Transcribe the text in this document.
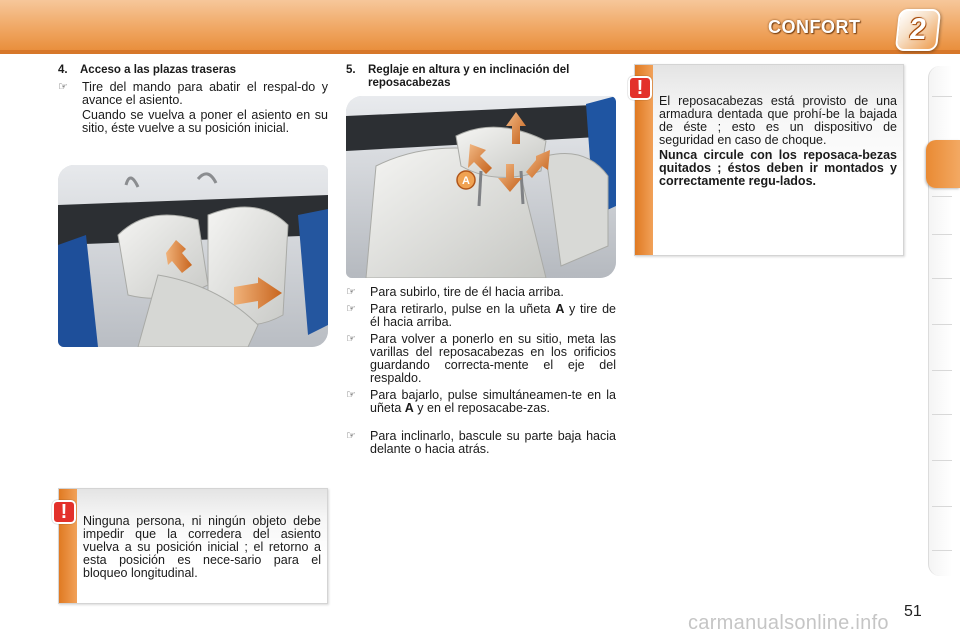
CONFORT	2
4. Acceso a las plazas traseras
☞ Tire del mando para abatir el respal-do y avance el asiento.
Cuando se vuelva a poner el asiento en su sitio, éste vuelve a su posición inicial.
5.	Reglaje en altura y en inclinación del reposacabezas
A
☞ Para subirlo, tire de él hacia arriba.
☞ Para retirarlo, pulse en la uñeta A y tire de él hacia arriba.
☞ Para volver a ponerlo en su sitio, meta las varillas del reposacabezas en los orificios guardando correcta-mente el eje del respaldo.
☞ Para bajarlo, pulse simultáneamen-te en la uñeta A y en el reposacabe-zas.
☞ Para inclinarlo, bascule su parte baja hacia delante o hacia atrás.
El reposacabezas está provisto de una armadura dentada que prohí-be la bajada de éste ; esto es un dispositivo de seguridad en caso de choque.
Nunca circule con los reposaca-bezas quitados ; éstos deben ir montados y correctamente regu-lados.
!
Ninguna persona, ni ningún objeto debe impedir que la corredera del asiento vuelva a su posición inicial ; el retorno a esta posición es nece-sario para el bloqueo longitudinal.
!
51
carmanualsonline.info
